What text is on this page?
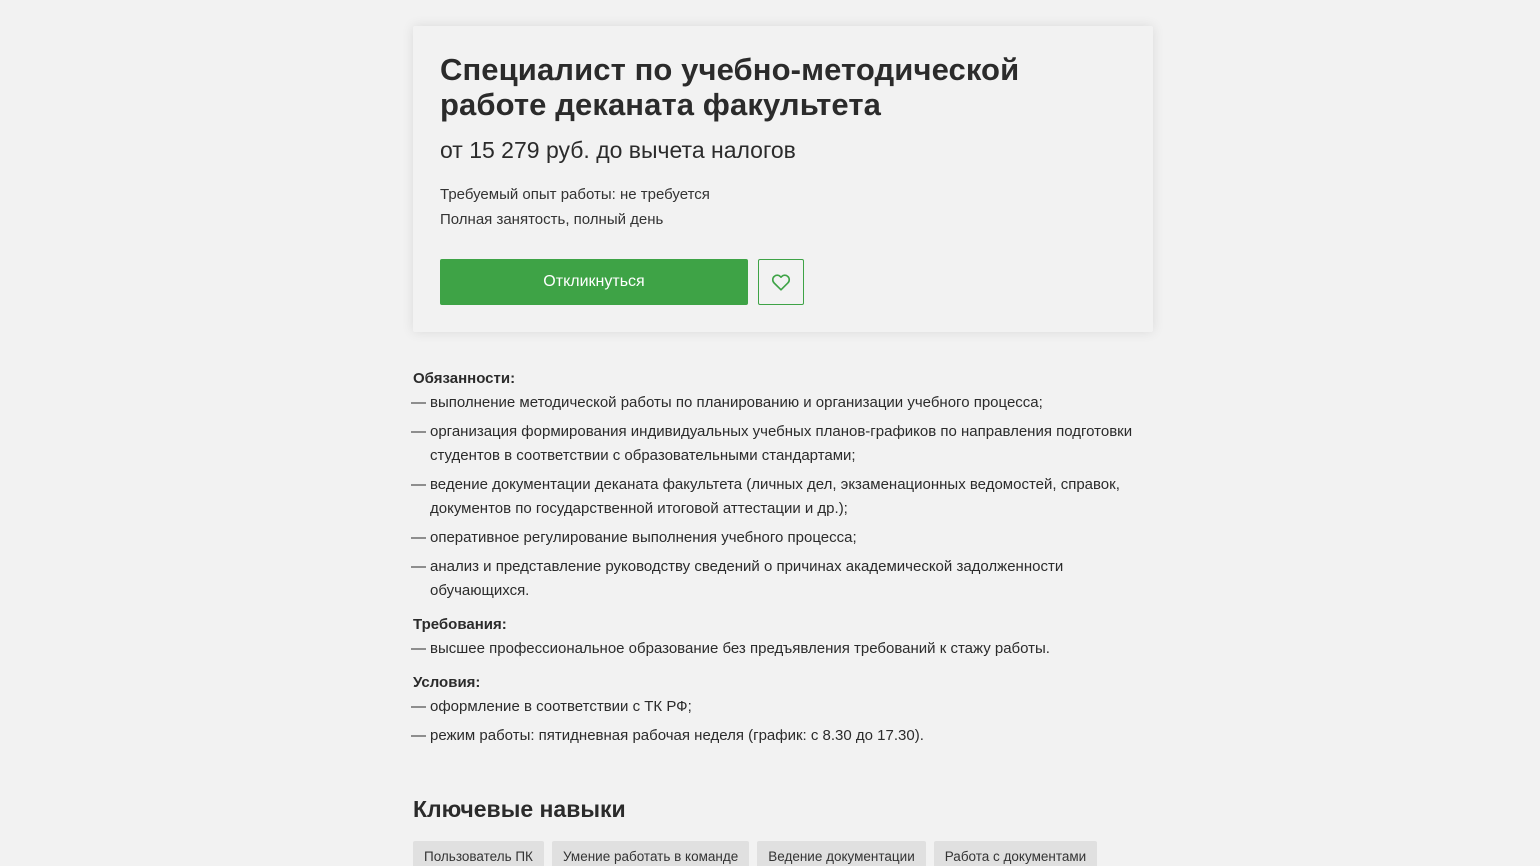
Специалист по учебно-методической работе деканата факультета
от 15 279 руб. до вычета налогов
Требуемый опыт работы: не требуется
Полная занятость, полный день
Откликнуться

Обязанности:

— выполнение методической работы по планированию и организации учебного процесса;
— организация формирования индивидуальных учебных планов-графиков по направления подготовки студентов в соответствии с образовательными стандартами;
— ведение документации деканата факультета (личных дел, экзаменационных ведомостей, справок, документов по государственной итоговой аттестации и др.);
— оперативное регулирование выполнения учебного процесса;
— анализ и представление руководству сведений о причинах академической задолженности обучающихся.

Требования:

— высшее профессиональное образование без предъявления требований к стажу работы.

Условия:

— оформление в соответствии с ТК РФ;
— режим работы: пятидневная рабочая неделя (график: с 8.30 до 17.30).
Ключевые навыки
Пользователь ПК	Умение работать в команде	Ведение документации	Работа с документами
